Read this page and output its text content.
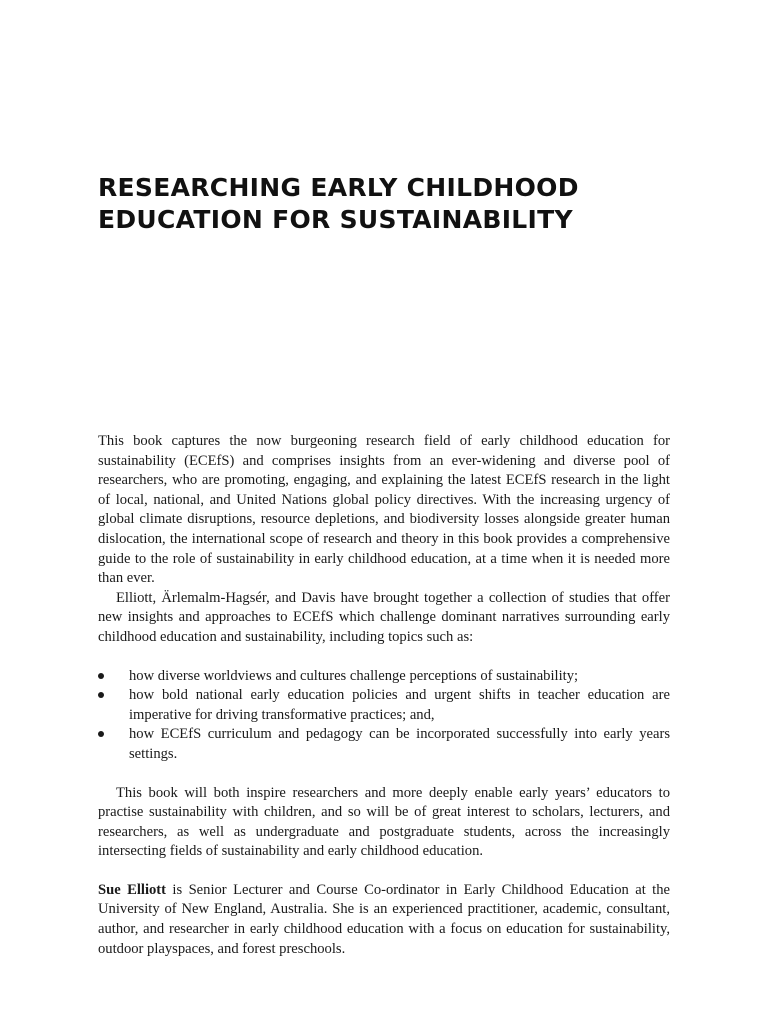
RESEARCHING EARLY CHILDHOOD
EDUCATION FOR SUSTAINABILITY

This book captures the now burgeoning research field of early childhood education for sustainability (ECEfS) and comprises insights from an ever-widening and diverse pool of researchers, who are promoting, engaging, and explaining the latest ECEfS research in the light of local, national, and United Nations global policy directives. With the increasing urgency of global climate disruptions, resource depletions, and biodiversity losses alongside greater human dislocation, the international scope of research and theory in this book provides a comprehensive guide to the role of sustainability in early childhood education, at a time when it is needed more than ever.

Elliott, Ärlemalm-Hagsér, and Davis have brought together a collection of studies that offer new insights and approaches to ECEfS which challenge dominant narratives surrounding early childhood education and sustainability, including topics such as:

how diverse worldviews and cultures challenge perceptions of sustainability;
how bold national early education policies and urgent shifts in teacher education are imperative for driving transformative practices; and,
how ECEfS curriculum and pedagogy can be incorporated successfully into early years settings.

This book will both inspire researchers and more deeply enable early years’ educators to practise sustainability with children, and so will be of great interest to scholars, lecturers, and researchers, as well as undergraduate and postgraduate students, across the increasingly intersecting fields of sustainability and early childhood education.

Sue Elliott is Senior Lecturer and Course Co-ordinator in Early Childhood Education at the University of New England, Australia. She is an experienced practitioner, academic, consultant, author, and researcher in early childhood education with a focus on education for sustainability, outdoor playspaces, and forest preschools.
